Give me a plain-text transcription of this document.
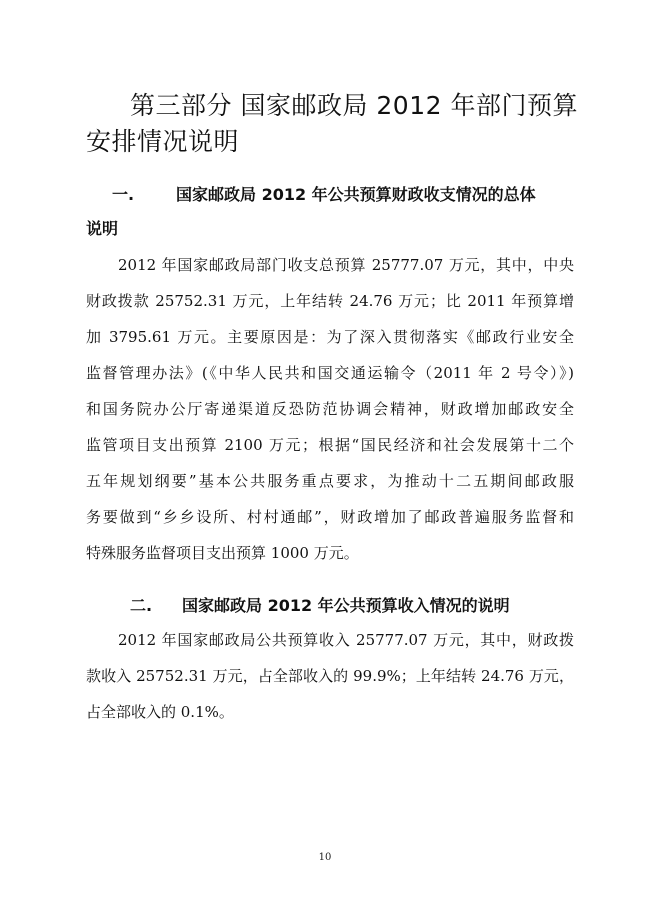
第三部分 国家邮政局 2012 年部门预算安排情况说明
一.	国家邮政局 2012 年公共预算财政收支情况的总体
说明

2012 年国家邮政局部门收支总预算 25777.07 万元，其中，中央

财政拨款 25752.31 万元，上年结转 24.76 万元；比 2011 年预算增

加 3795.61 万元。主要原因是：为了深入贯彻落实《邮政行业安全

监督管理办法》(《中华人民共和国交通运输令（2011 年 2 号令）》)

和国务院办公厅寄递渠道反恐防范协调会精神，财政增加邮政安全

监管项目支出预算 2100 万元；根据“国民经济和社会发展第十二个

五年规划纲要”基本公共服务重点要求，为推动十二五期间邮政服

务要做到“乡乡设所、村村通邮”，财政增加了邮政普遍服务监督和

特殊服务监督项目支出预算 1000 万元。

二. 国家邮政局 2012 年公共预算收入情况的说明

2012 年国家邮政局公共预算收入 25777.07 万元，其中，财政拨

款收入 25752.31 万元，占全部收入的 99.9%；上年结转 24.76 万元，

占全部收入的 0.1%。

10
